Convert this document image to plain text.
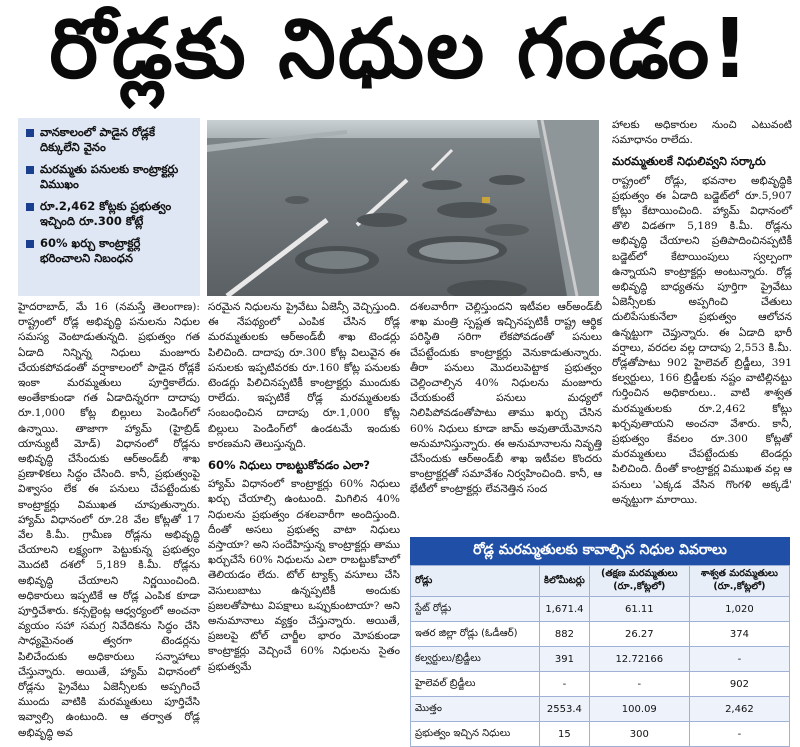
రోడ్లకు నిధుల గండం!
వానకాలంలో పాడైన రోడ్లకే దిక్కులేని వైనం
మరమ్మతు పనులకు కాంట్రాక్టర్లు విముఖం
రూ.2,462 కోట్లకు ప్రభుత్వం ఇచ్చింది రూ.300 కోట్లే
60% ఖర్చు కాంట్రాక్టర్లే భరించాలని నిబంధన

హైదరాబాద్, మే 16 (నమస్తే తెలంగాణ): రాష్ట్రంలో రోడ్ల అభివృద్ధి పనులను నిధుల సమస్య వెంటాడుతున్నది. ప్రభుత్వం గత ఏడాది నిన్నిన్న నిధులు మంజూరు చేయకపోవడంతో వర్షాకాలంలో పాడైన రోడ్లకే ఇంకా మరమ్మతులు పూర్తికాలేదు. అంతేకాకుండా గత ఏడాదిన్నరగా దాదాపు రూ.1,000 కోట్ల బిల్లులు పెండింగ్‌లో ఉన్నాయి. తాజాగా హ్యామ్ (హైబ్రిడ్ యాన్యుటీ మోడ్) విధానంలో రోడ్లను అభివృద్ధి చేసేందుకు ఆర్‌అండ్‌బీ శాఖ ప్రణాళికలు సిద్ధం చేసింది. కానీ, ప్రభుత్వంపై విశ్వాసం లేక ఈ పనులు చేపట్టేందుకు కాంట్రాక్టర్లు విముఖత చూపుతున్నారు. హ్యామ్ విధానంలో రూ.28 వేల కోట్లతో 17 వేల కి.మీ. గ్రామీణ రోడ్లను అభివృద్ధి చేయాలని లక్ష్యంగా పెట్టుకున్న ప్రభుత్వం మొదటి దశలో 5,189 కి.మీ. రోడ్లను అభివృద్ధి చేయాలని నిర్ణయించింది. అధికారులు ఇప్పటికే ఆ రోడ్ల ఎంపిక కూడా పూర్తిచేశారు. కన్సల్టెంట్ల ఆధ్వర్యంలో అంచనా వ్యయం సహా సమగ్ర నివేదికను సిద్ధం చేసి సాధ్యమైనంత త్వరగా టెండర్లను పిలిచేందుకు అధికారులు సన్నాహాలు చేస్తున్నారు. అయితే, హ్యామ్ విధానంలో రోడ్లను ప్రైవేటు ఏజెన్సీలకు అప్పగించే ముందు వాటికి మరమ్మతులు పూర్తిచేసి ఇవ్వాల్సి ఉంటుంది. ఆ తర్వాత రోడ్ల అభివృద్ధి అవ

సరమైన నిధులను ప్రైవేటు ఏజెన్సీ వెచ్చిస్తుంది. ఈ నేపథ్యంలో ఎంపిక చేసిన రోడ్ల మరమ్మతులకు ఆర్‌అండ్‌బీ శాఖ టెండర్లు పిలిచింది. దాదాపు రూ.300 కోట్ల విలువైన ఈ పనులకు ఇప్పటివరకు రూ.160 కోట్ల పనులకు టెండర్లు పిలిచినప్పటికీ కాంట్రాక్టర్లు ముందుకు రాలేదు. ఇప్పటికే రోడ్ల మరమ్మతులకు సంబంధించిన దాదాపు రూ.1,000 కోట్ల బిల్లులు పెండింగ్‌లో ఉండటమే ఇందుకు కారణమని తెలుస్తున్నది.

60% నిధులు రాబట్టుకోవడం ఎలా?

హ్యామ్ విధానంలో కాంట్రాక్టర్లు 60% నిధులు ఖర్చు చేయాల్సి ఉంటుంది. మిగిలిన 40% నిధులను ప్రభుత్వం దశలవారీగా అందిస్తుంది. దీంతో అసలు ప్రభుత్వ వాటా నిధులు వస్తాయా? అని సందేహిస్తున్న కాంట్రాక్టర్లు తాము ఖర్చుచేసే 60% నిధులను ఎలా రాబట్టుకోవాలో తెలియడం లేదు. టోల్ ట్యాక్స్ వసూలు చేసి వెసులుబాటు ఉన్నప్పటికీ అందుకు ప్రజలతోపాటు విపక్షాలు ఒప్పుకుంటాయా? అని అనుమానాలు వ్యక్తం చేస్తున్నారు. అయితే, ప్రజలపై టోల్ చార్జీల భారం మోపకుండా కాంట్రాక్టర్లు వెచ్చించే 60% నిధులను సైతం ప్రభుత్వమే

దశలవారీగా చెల్లిస్తుందని ఇటీవల ఆర్‌అండ్‌బీ శాఖ మంత్రి స్పష్టత ఇచ్చినప్పటికీ రాష్ట్ర ఆర్థిక పరిస్థితి సరిగా లేకపోవడంతో పనులు చేపట్టేందుకు కాంట్రాక్టర్లు వెనుకాడుతున్నారు. తీరా పనులు మొదలుపెట్టాక ప్రభుత్వం చెల్లించాల్సిన 40% నిధులను మంజూరు చేయకుంటే పనులు మధ్యలో నిలిపిపోవడంతోపాటు తాము ఖర్చు చేసిన 60% నిధులు కూడా జామ్ అవుతాయేమోనని అనుమానిస్తున్నారు. ఈ అనుమానాలను నివృత్తి చేసేందుకు ఆర్‌అండ్‌బీ శాఖ ఇటీవల కొందరు కాంట్రాక్టర్లతో సమావేశం నిర్వహించింది. కానీ, ఆ భేటీలో కాంట్రాక్టర్లు లేవనెత్తిన సంద

హాలకు అధికారుల నుంచి ఎటువంటి సమాధానం రాలేదు.

మరమ్మతులకే నిధులివ్వని సర్కారు

రాష్ట్రంలో రోడ్లు, భవనాల అభివృద్ధికి ప్రభుత్వం ఈ ఏడాది బడ్జెట్‌లో రూ.5,907 కోట్లు కేటాయించింది. హ్యామ్ విధానంలో తొలి విడతగా 5,189 కి.మీ. రోడ్లను అభివృద్ధి చేయాలని ప్రతిపాదించినప్పటికీ బడ్జెట్‌లో కేటాయింపులు స్వల్పంగా ఉన్నాయని కాంట్రాక్టర్లు అంటున్నారు. రోడ్ల అభివృద్ధి బాధ్యతను పూర్తిగా ప్రైవేటు ఏజెన్సీలకు అప్పగించి చేతులు దులిపేసుకునేలా ప్రభుత్వం ఆలోచన ఉన్నట్టుగా చెప్తున్నారు. ఈ ఏడాది భారీ వర్షాలు, వరదల వల్ల దాదాపు 2,553 కి.మీ. రోడ్లతోపాటు 902 హైలెవల్ బ్రిడ్జీలు, 391 కల్వర్టులు, 166 బ్రిడ్జీలకు నష్టం వాటిల్లినట్టు గుర్తించిన అధికారులు.. వాటి శాశ్వత మరమ్మతులకు రూ.2,462 కోట్లు ఖర్చవుతాయని అంచనా వేశారు. కానీ, ప్రభుత్వం కేవలం రూ.300 కోట్లతో మరమ్మతులు చేపట్టేందుకు టెండర్లు పిలిచింది. దీంతో కాంట్రాక్టర్ల విముఖత వల్ల ఆ పనులు 'ఎక్కడ వేసిన గొంగళి అక్కడే' అన్నట్టుగా మారాయి.

రోడ్ల మరమ్మతులకు కావాల్సిన నిధుల వివరాలు
రోడ్లు	కిలోమీటర్లు	(తక్షణ మరమ్మతులు (రూ.,కోట్లలో)	శాశ్వత మరమ్మతులు (రూ.,కోట్లలో)
స్టేట్ రోడ్లు	1,671.4	61.11	1,020
ఇతర జిల్లా రోడ్లు (ఓడీఆర్)	882	26.27	374
కల్వర్టులు/బ్రిడ్జీలు	391	12.72166	-
హైలెవల్ బ్రిడ్జీలు	-	-	902
మొత్తం	2553.4	100.09	2,462
ప్రభుత్వం ఇచ్చిన నిధులు	15	300	-
